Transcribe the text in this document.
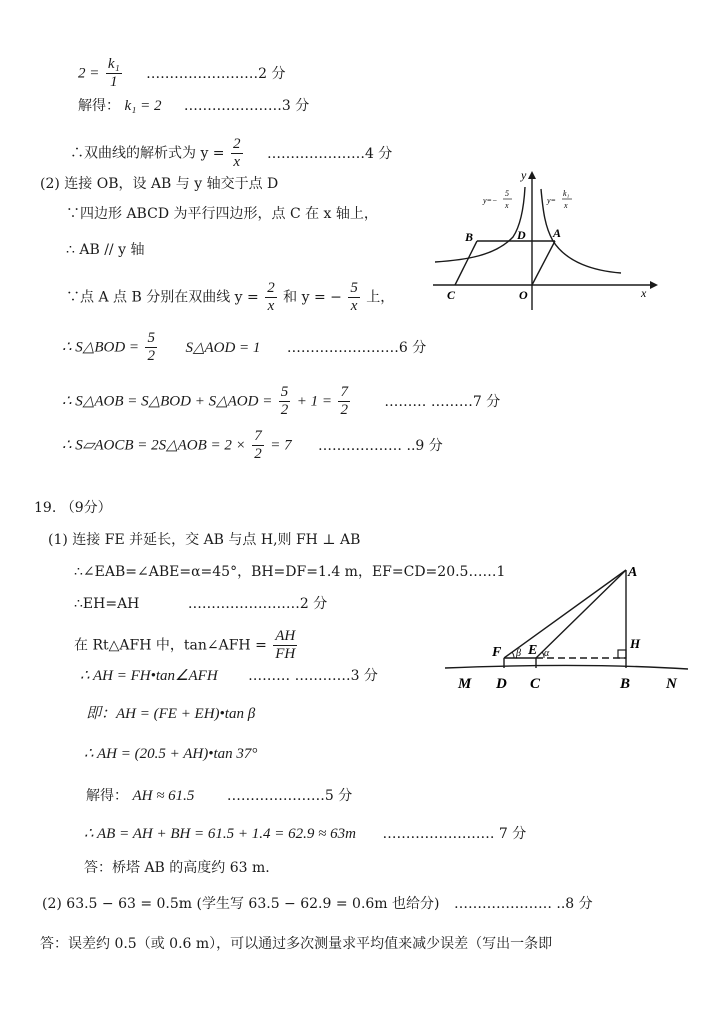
$2 = \frac{\text{k₁}}{1}$ ……………………2 分
解得： k₁ = 2 …………………3 分
∴双曲线的解析式为 $y = \frac{2}{x}$ …………………4 分
(2) 连接 OB，设 AB 与 y 轴交于点 D
∵四边形 ABCD 为平行四边形，点 C 在 x 轴上，
∴ AB // y 轴
∵点 A 点 B 分别在双曲线 $y = \frac{2}{x}$ 和 y = − $\frac{5}{x}$ 上，
∴ S△BOD = $\frac{5}{2}$ S△AOD = 1 ……………………6 分
∴ S△AOB = S△BOD + S△AOD = $\frac{5}{2} + 1 = \frac{7}{2}$ ……… ………7 分
∴ S▱AOCB = 2S△AOB = $2 \times \frac{7}{2} = 7$ ……………… ..9 分
y
x
y=−
5
x
y=
k₁
x
B	D A
C	O
19. （9分）
(1) 连接 FE 并延长，交 AB 与点 H,则 FH ⊥ AB
∴∠EAB=∠ABE=α=45°，BH=DF=1.4 m，EF=CD=20.5……1
∴EH=AH	……………………2 分
在 Rt△AFH 中，tan∠AFH = $\frac{AH}{FH}$
∴ AH = FH•tan∠AFH ……… …………3 分
即：AH = (FE + EH)•tan β
∴ AH = (20.5 + AH)•tan 37°
解得： AH ≈ 61.5 …………………5 分
∴ AB = AH + BH = 61.5 + 1.4 = 62.9 ≈ 63m …………………… 7 分
答：桥塔 AB 的高度约 63 m.
(2) 63.5 − 63 = 0.5m (学生写 63.5 − 62.9 = 0.6m 也给分) ………………… ..8 分
答：误差约 0.5（或 0.6 m），可以通过多次测量求平均值来减少误差（写出一条即
A
H
F E
β α
M D C	B N
